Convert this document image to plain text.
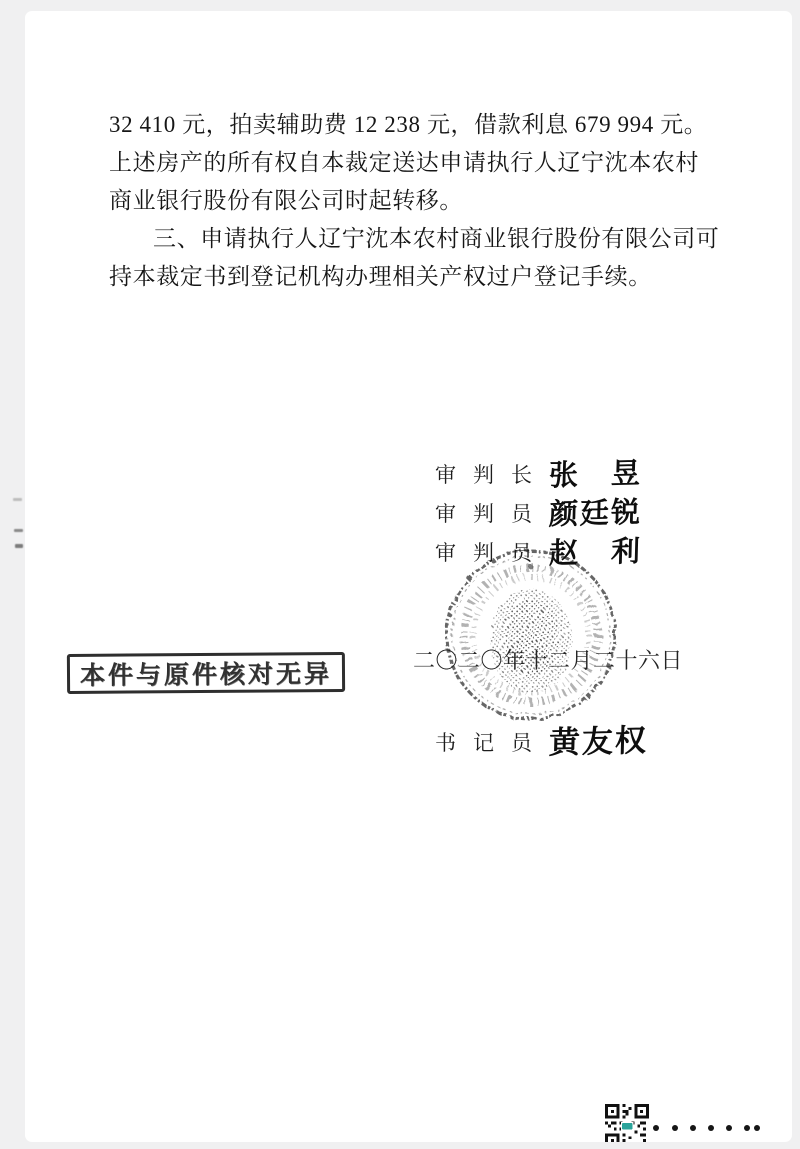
32 410 元，拍卖辅助费 12 238 元，借款利息 679 994 元。
上述房产的所有权自本裁定送达申请执行人辽宁沈本农村
商业银行股份有限公司时起转移。
三、申请执行人辽宁沈本农村商业银行股份有限公司可
持本裁定书到登记机构办理相关产权过户登记手续。
审判长张　昱
审判员颜廷锐
审判员赵　利
二〇二〇年十二月二十六日
书记员黄友权
本件与原件核对无异
